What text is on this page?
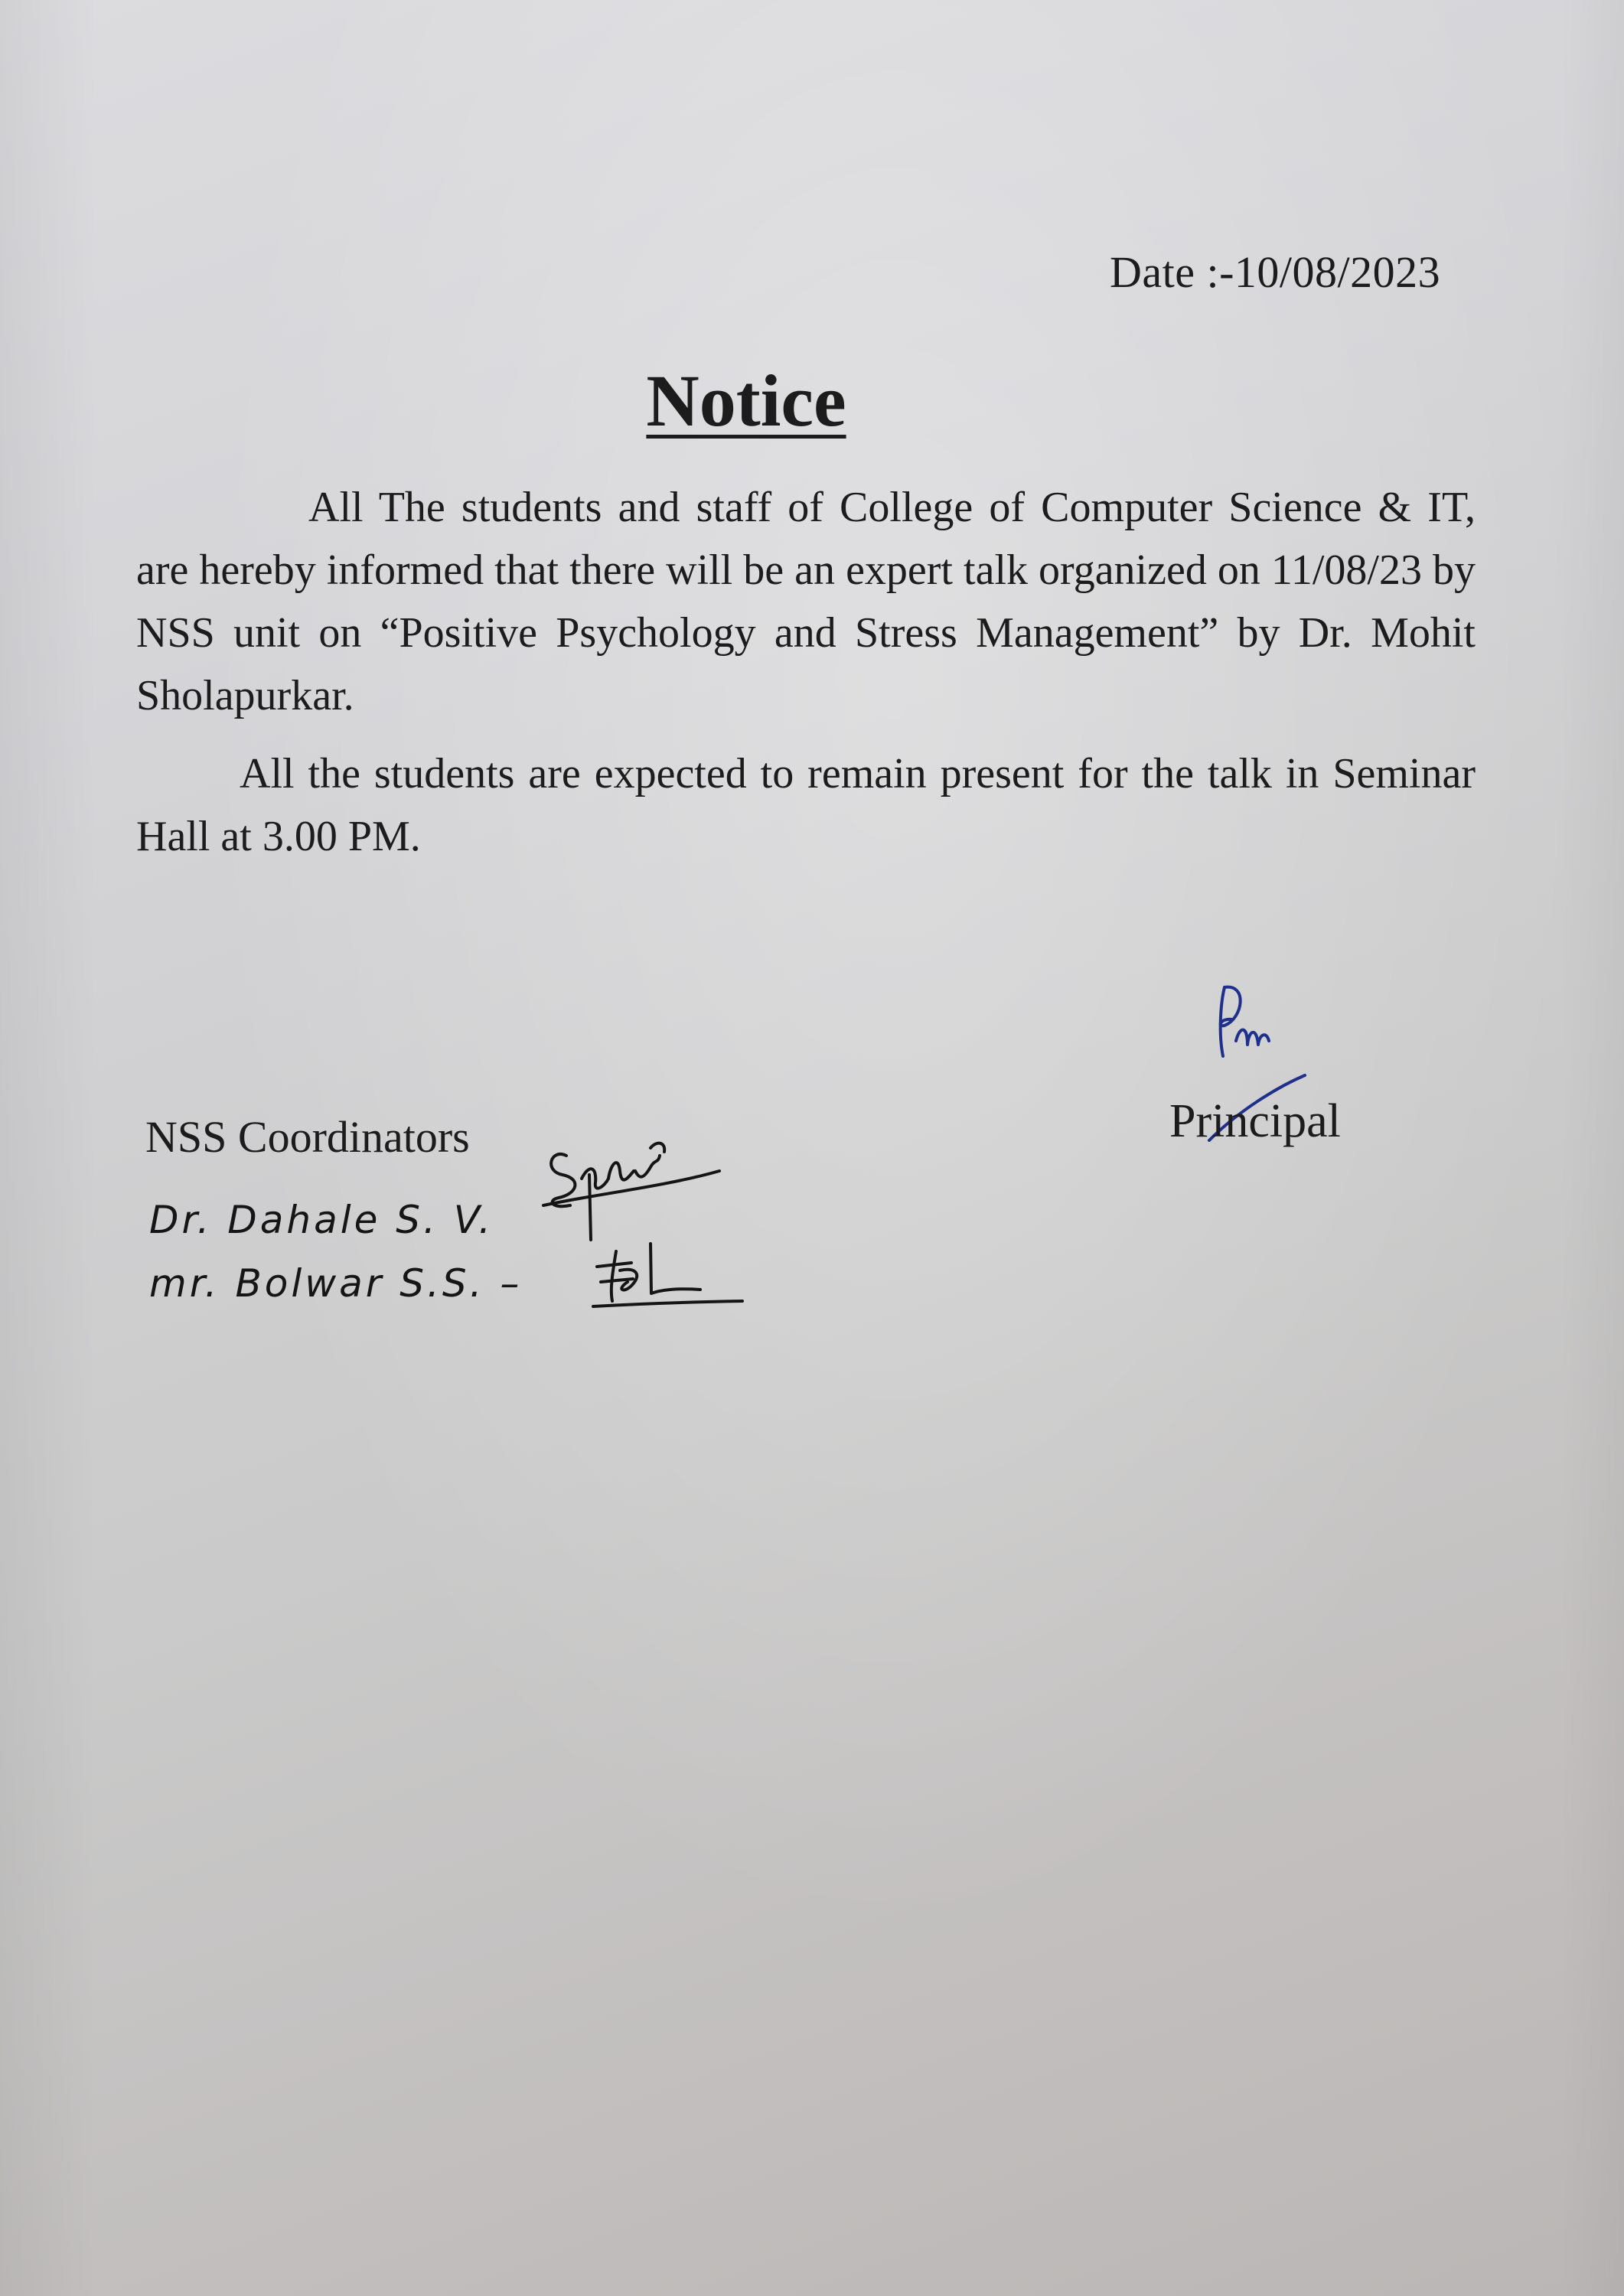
Date :-10/08/2023
Notice

All The students and staff of College of Computer Science & IT, are hereby informed that there will be an expert talk organized on 11/08/23 by NSS unit on “Positive Psychology and Stress Management” by Dr. Mohit Sholapurkar.

All the students are expected to remain present for the talk in Seminar Hall at 3.00 PM.

NSS Coordinators
Dr. Dahale S. V.
mr. Bolwar S.S. –
Principal
